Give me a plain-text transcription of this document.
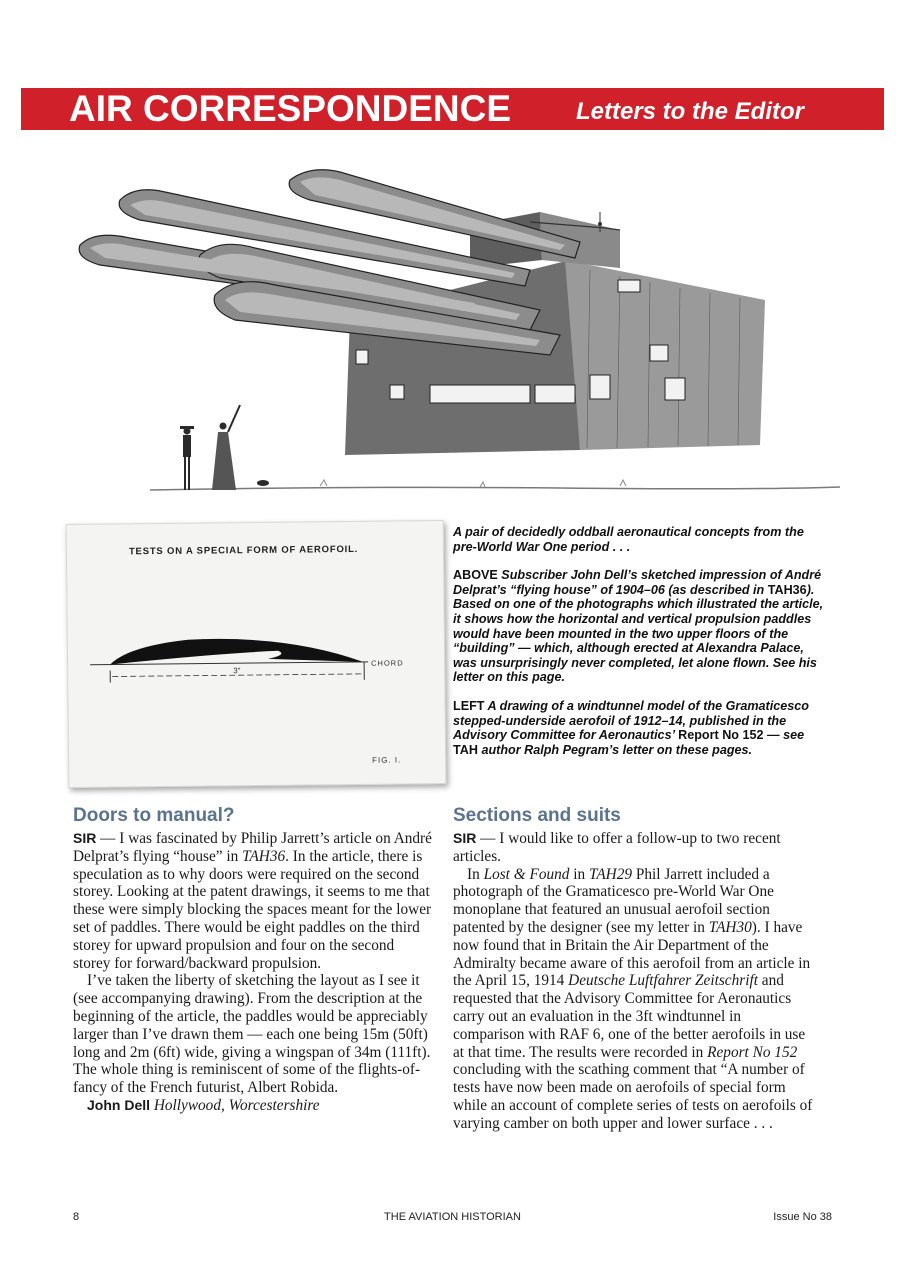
AIR CORRESPONDENCE	Letters to the Editor
3"
CHORD
TESTS ON A SPECIAL FORM OF AEROFOIL.
FIG. I.

A pair of decidedly oddball aeronautical concepts from the pre-World War One period . . .

ABOVE Subscriber John Dell’s sketched impression of André Delprat’s “flying house” of 1904–06 (as described in TAH36). Based on one of the photographs which illustrated the article, it shows how the horizontal and vertical propulsion paddles would have been mounted in the two upper floors of the “building” — which, although erected at Alexandra Palace, was unsurprisingly never completed, let alone flown. See his letter on this page.

LEFT A drawing of a windtunnel model of the Gramaticesco stepped-underside aerofoil of 1912–14, published in the Advisory Committee for Aeronautics’ Report No 152 — see TAH author Ralph Pegram’s letter on these pages.

Doors to manual?

SIR — I was fascinated by Philip Jarrett’s article on André Delprat’s flying “house” in TAH36. In the article, there is speculation as to why doors were required on the second storey. Looking at the patent drawings, it seems to me that these were simply blocking the spaces meant for the lower set of paddles. There would be eight paddles on the third storey for upward propulsion and four on the second storey for forward/backward propulsion.

I’ve taken the liberty of sketching the layout as I see it (see accompanying drawing). From the description at the beginning of the article, the paddles would be appreciably larger than I’ve drawn them — each one being 15m (50ft) long and 2m (6ft) wide, giving a wingspan of 34m (111ft). The whole thing is reminiscent of some of the flights-of-fancy of the French futurist, Albert Robida.

John Dell Hollywood, Worcestershire

Sections and suits

SIR — I would like to offer a follow-up to two recent articles.

In Lost & Found in TAH29 Phil Jarrett included a photograph of the Gramaticesco pre-World War One monoplane that featured an unusual aerofoil section patented by the designer (see my letter in TAH30). I have now found that in Britain the Air Department of the Admiralty became aware of this aerofoil from an article in the April 15, 1914 Deutsche Luftfahrer Zeitschrift and requested that the Advisory Committee for Aeronautics carry out an evaluation in the 3ft windtunnel in comparison with RAF 6, one of the better aerofoils in use at that time. The results were recorded in Report No 152 concluding with the scathing comment that “A number of tests have now been made on aerofoils of special form while an account of complete series of tests on aerofoils of varying camber on both upper and lower surface . . .

8	THE AVIATION HISTORIAN	Issue No 38
